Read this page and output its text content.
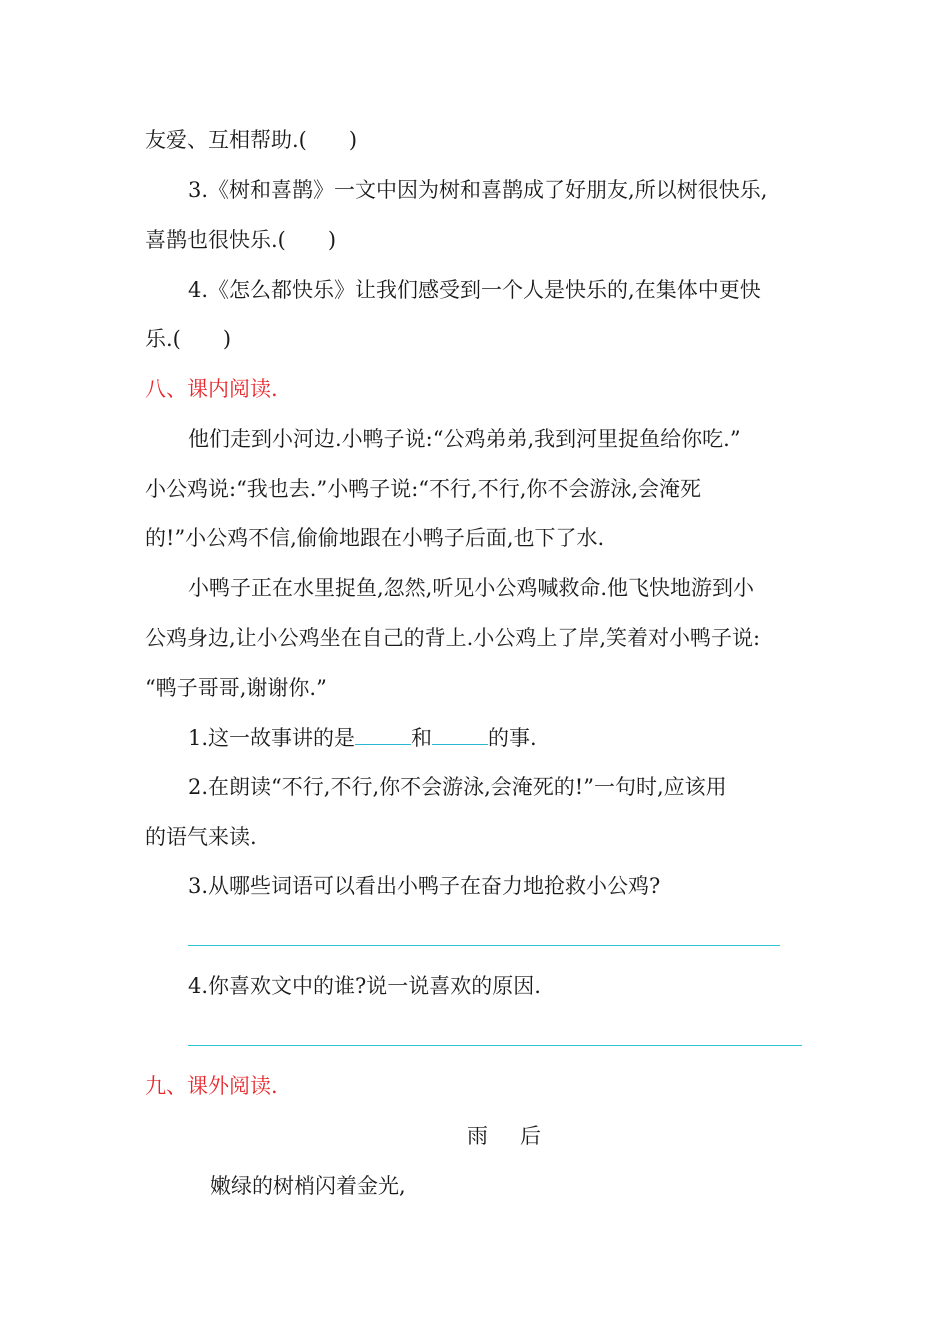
友爱、互相帮助.(　　)
3.《树和喜鹊》一文中因为树和喜鹊成了好朋友,所以树很快乐,
喜鹊也很快乐.(　　)
4.《怎么都快乐》让我们感受到一个人是快乐的,在集体中更快
乐.(　　)
八、课内阅读.
他们走到小河边.小鸭子说:“公鸡弟弟,我到河里捉鱼给你吃.”
小公鸡说:“我也去.”小鸭子说:“不行,不行,你不会游泳,会淹死
的!”小公鸡不信,偷偷地跟在小鸭子后面,也下了水.
小鸭子正在水里捉鱼,忽然,听见小公鸡喊救命.他飞快地游到小
公鸡身边,让小公鸡坐在自己的背上.小公鸡上了岸,笑着对小鸭子说:
“鸭子哥哥,谢谢你.”
1.这一故事讲的是	和	的事.
2.在朗读“不行,不行,你不会游泳,会淹死的!”一句时,应该用
的语气来读.
3.从哪些词语可以看出小鸭子在奋力地抢救小公鸡?
4.你喜欢文中的谁?说一说喜欢的原因.
九、课外阅读.
雨 后
嫩绿的树梢闪着金光,
